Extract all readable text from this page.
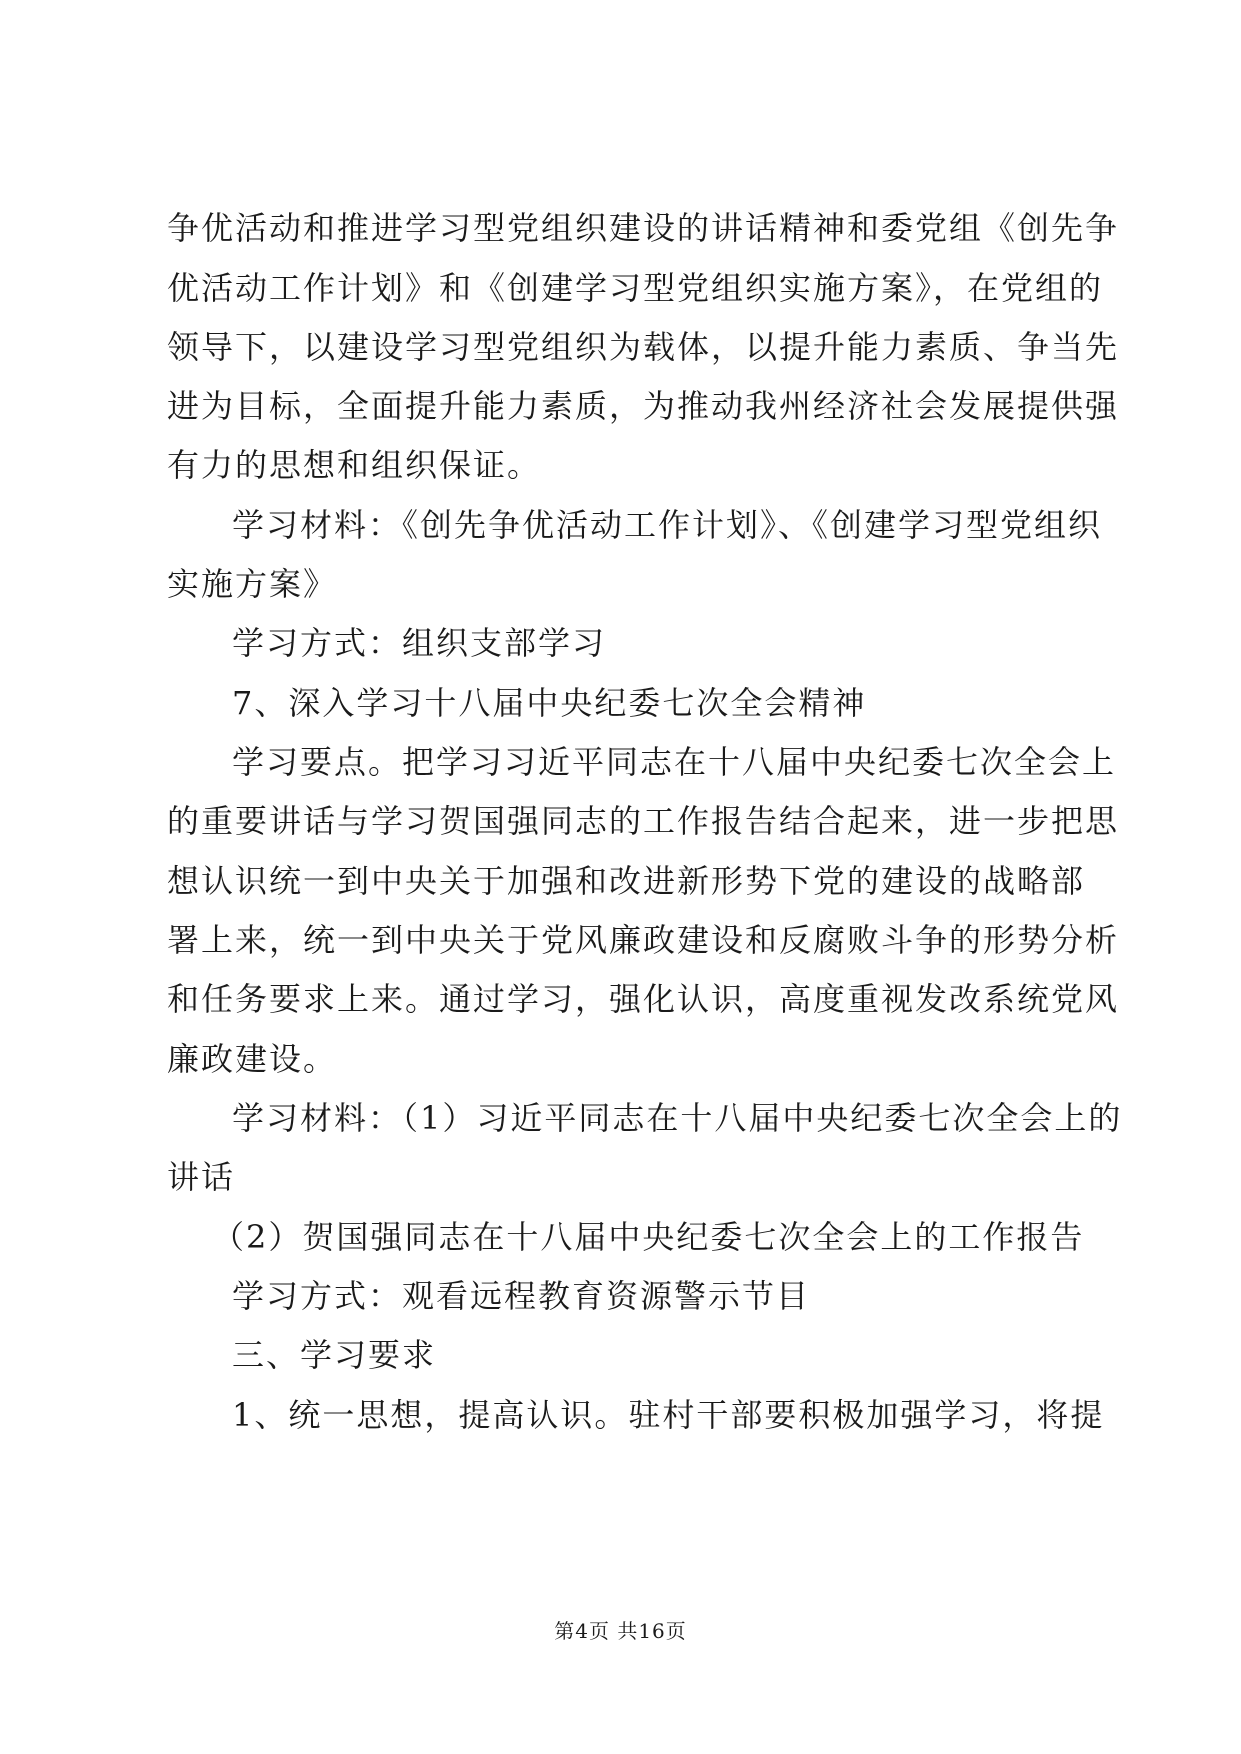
争优活动和推进学习型党组织建设的讲话精神和委党组《创先争
优活动工作计划》和《创建学习型党组织实施方案》，在党组的
领导下，以建设学习型党组织为载体，以提升能力素质、争当先
进为目标，全面提升能力素质，为推动我州经济社会发展提供强
有力的思想和组织保证。
学习材料：《创先争优活动工作计划》、《创建学习型党组织
实施方案》
学习方式：组织支部学习
7、深入学习十八届中央纪委七次全会精神
学习要点。把学习习近平同志在十八届中央纪委七次全会上
的重要讲话与学习贺国强同志的工作报告结合起来，进一步把思
想认识统一到中央关于加强和改进新形势下党的建设的战略部
署上来，统一到中央关于党风廉政建设和反腐败斗争的形势分析
和任务要求上来。通过学习，强化认识，高度重视发改系统党风
廉政建设。
学习材料：（1）习近平同志在十八届中央纪委七次全会上的
讲话
（2）贺国强同志在十八届中央纪委七次全会上的工作报告
学习方式：观看远程教育资源警示节目
三、学习要求
1、统一思想，提高认识。驻村干部要积极加强学习，将提
第4页 共16页
